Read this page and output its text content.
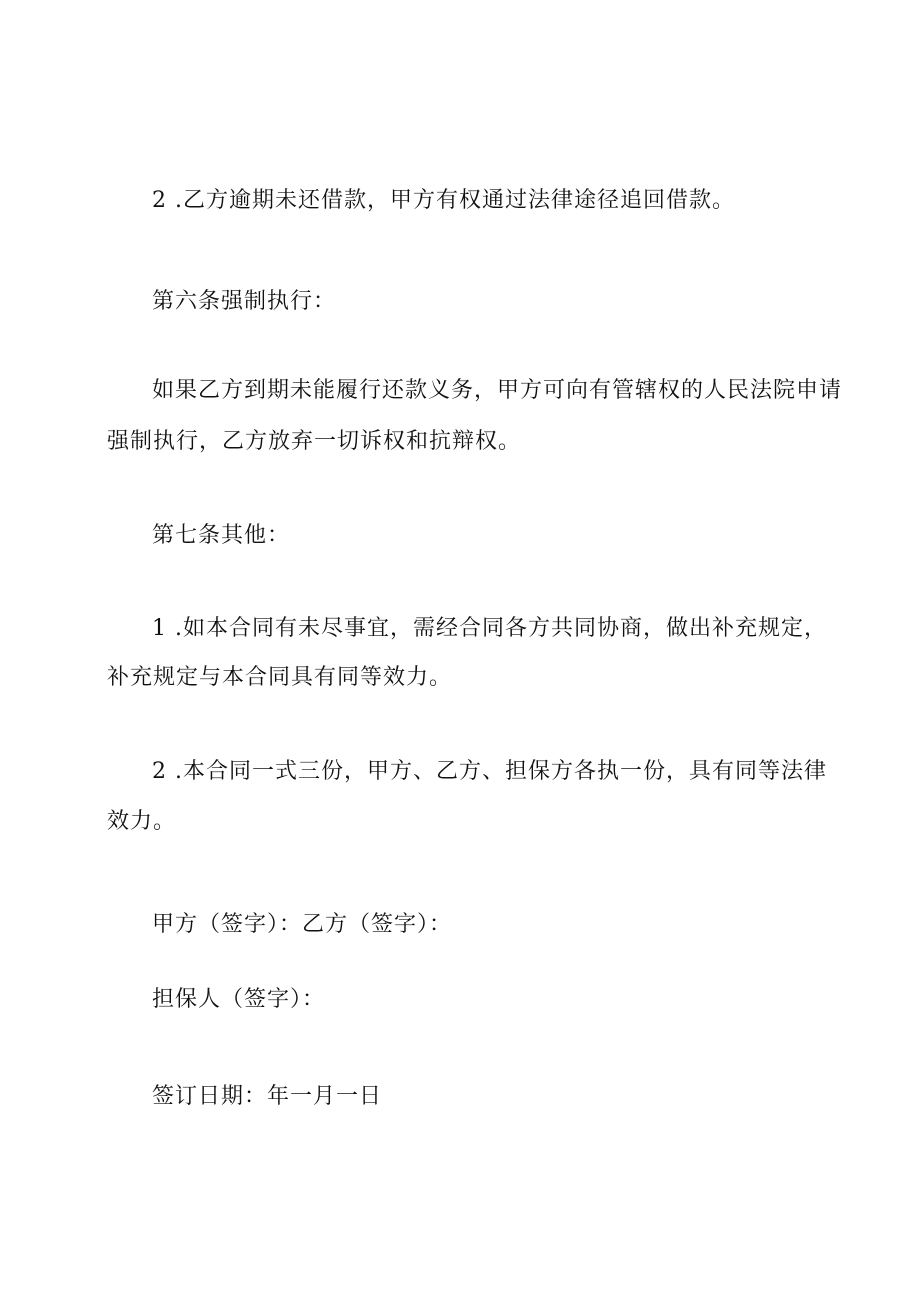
2 .乙方逾期未还借款，甲方有权通过法律途径追回借款。
第六条强制执行：
如果乙方到期未能履行还款义务，甲方可向有管辖权的人民法院申请
强制执行，乙方放弃一切诉权和抗辩权。
第七条其他：
1 .如本合同有未尽事宜，需经合同各方共同协商，做出补充规定，
补充规定与本合同具有同等效力。
2 .本合同一式三份，甲方、乙方、担保方各执一份，具有同等法律
效力。
甲方（签字）：乙方（签字）：
担保人（签字）：
签订日期：年一月一日
